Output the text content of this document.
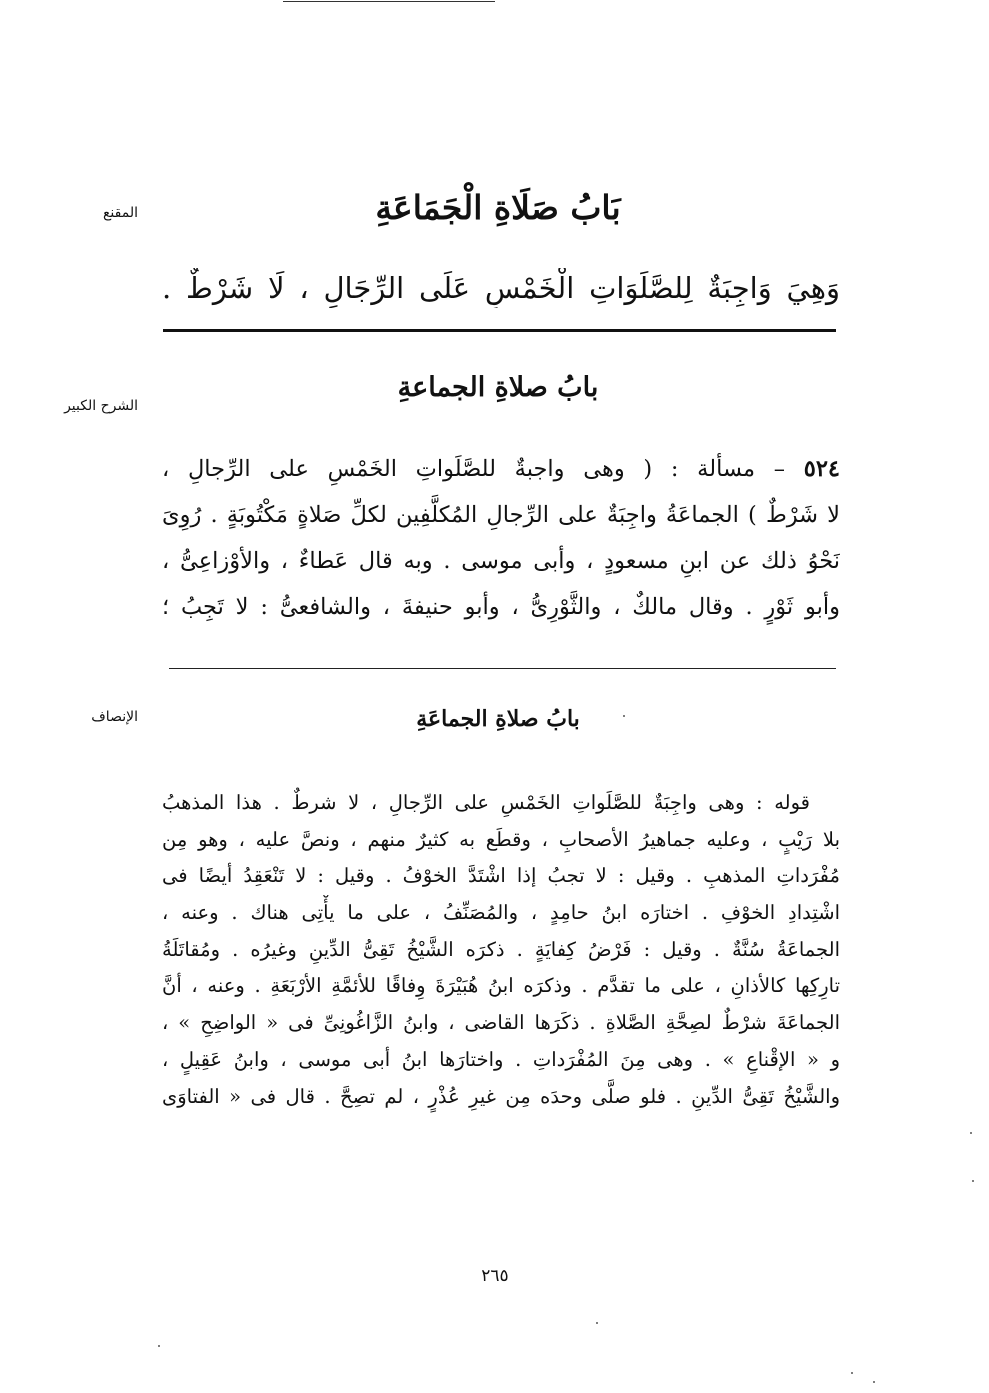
المقنع	بَابُ صَلَاةِ الْجَمَاعَةِ
وَهِيَ وَاجِبَةٌ لِلصَّلَوَاتِ الْخَمْسِ عَلَى الرِّجَالِ ، لَا شَرْطٌ .
الشرح الكبير
بابُ صلاةِ الجماعةِ
٥٢٤ – مسألة : ( وهى واجبةٌ للصَّلَواتِ الخَمْسِ على الرِّجالِ ،
لا شَرْطٌ ) الجماعَةُ واجِبَةٌ على الرِّجالِ المُكلَّفِين لكلِّ صَلاةٍ مَكْتُوبَةٍ . رُوِىَ
نَحْوُ ذلك عن ابنِ مسعودٍ ، وأبى موسى . وبه قال عَطاءٌ ، والأوْزاعِىُّ ،
وأبو ثَوْرٍ . وقال مالكٌ ، والثَّوْرِىُّ ، وأبو حنيفةَ ، والشافعىُّ : لا تَجِبُ ؛
الإنصاف	بابُ صلاةِ الجماعَةِ
قوله : وهى واجِبَةٌ للصَّلَواتِ الخَمْسِ على الرِّجالِ ، لا شرطٌ . هذا المذهبُ
بلا رَيْبٍ ، وعليه جماهيرُ الأصحابِ ، وقطَع به كثيرٌ منهم ، ونصَّ عليه ، وهو مِن
مُفْرَداتِ المذهبِ . وقيل : لا تجبُ إذا اشْتَدَّ الخوْفُ . وقيل : لا تَنْعَقِدُ أيضًا فى
اشْتِدادِ الخوْفِ . اختارَه ابنُ حامِدٍ ، والمُصَنِّفُ ، على ما يأْتِى هناك . وعنه ،
الجماعَةُ سُنَّةٌ . وقيل : فَرْضُ كِفايَةٍ . ذكرَه الشَّيْخُ تَقِىُّ الدِّينِ وغيرُه . ومُقاتَلَةُ
تارِكِها كالأذانِ ، على ما تقدَّم . وذكرَه ابنُ هُبَيْرَةَ وِفاقًا للأئمَّةِ الأرْبَعَةِ . وعنه ، أنَّ
الجماعَةَ شرْطٌ لصِحَّةِ الصَّلاةِ . ذكَرَها القاضى ، وابنُ الزَّاغُونِىِّ فى « الواضِحِ » ،
و « الإقْناعِ » . وهى مِنَ المُفْرَداتِ . واختارَها ابنُ أبى موسى ، وابنُ عَقِيلٍ ،
والشَّيْخُ تَقِىُّ الدِّينِ . فلو صلَّى وحدَه مِن غيرِ عُذْرٍ ، لم تصِحَّ . قال فى « الفتاوَى
٢٦٥
